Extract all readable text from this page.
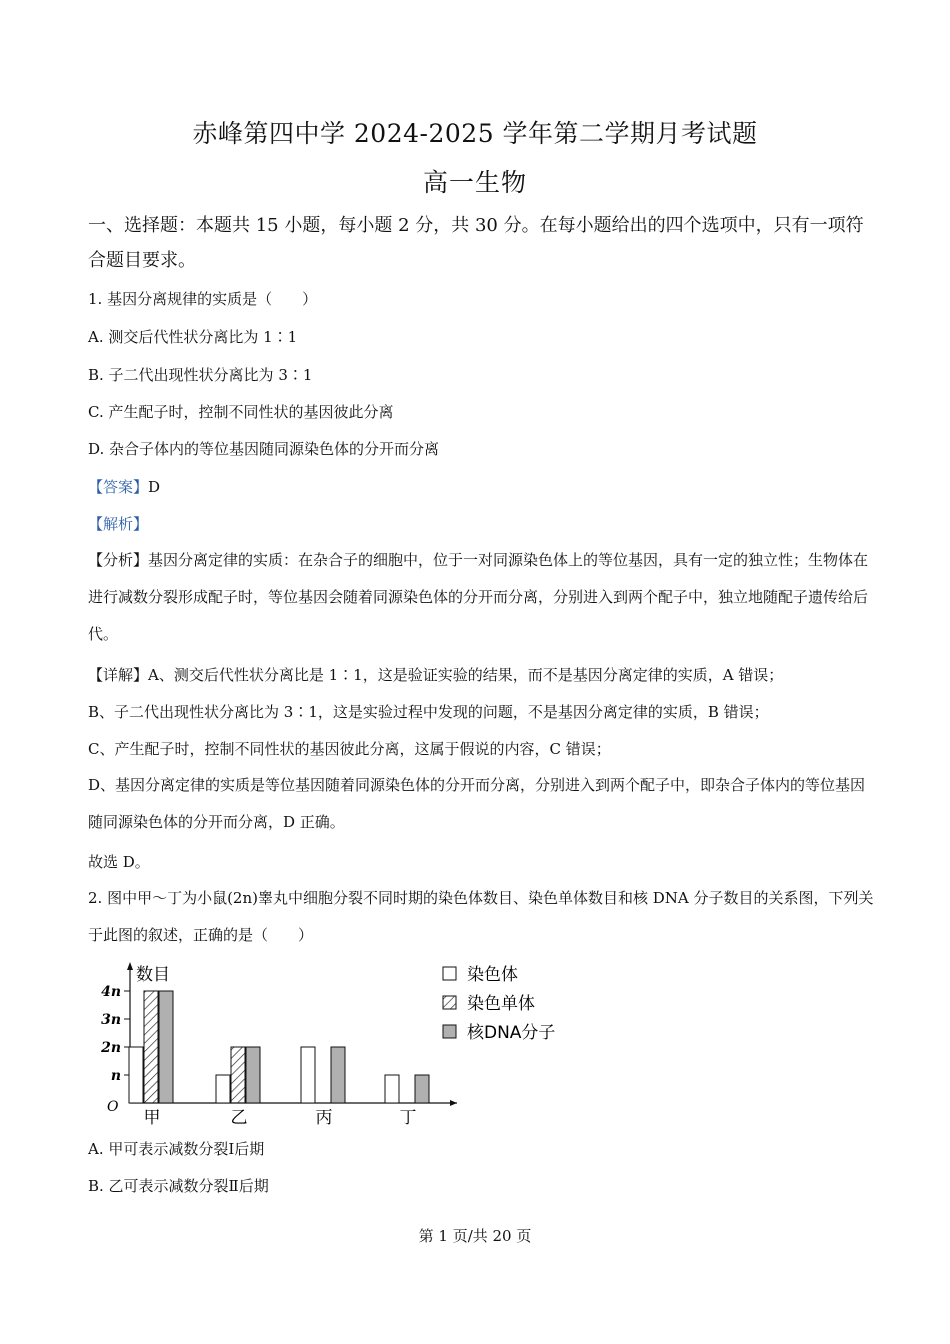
赤峰第四中学 2024-2025 学年第二学期月考试题
高一生物
一、选择题：本题共 15 小题，每小题 2 分，共 30 分。在每小题给出的四个选项中，只有一项符合题目要求。
1. 基因分离规律的实质是（　　）
A. 测交后代性状分离比为 1∶1
B. 子二代出现性状分离比为 3∶1
C. 产生配子时，控制不同性状的基因彼此分离
D. 杂合子体内的等位基因随同源染色体的分开而分离
【答案】D
【解析】
【分析】基因分离定律的实质：在杂合子的细胞中，位于一对同源染色体上的等位基因，具有一定的独立性；生物体在进行减数分裂形成配子时，等位基因会随着同源染色体的分开而分离，分别进入到两个配子中，独立地随配子遗传给后代。
【详解】A、测交后代性状分离比是 1∶1，这是验证实验的结果，而不是基因分离定律的实质，A 错误；
B、子二代出现性状分离比为 3∶1，这是实验过程中发现的问题，不是基因分离定律的实质，B 错误；
C、产生配子时，控制不同性状的基因彼此分离，这属于假说的内容，C 错误；
D、基因分离定律的实质是等位基因随着同源染色体的分开而分离，分别进入到两个配子中，即杂合子体内的等位基因随同源染色体的分开而分离，D 正确。
故选 D。
2. 图中甲～丁为小鼠(2n)睾丸中细胞分裂不同时期的染色体数目、染色单体数目和核 DNA 分子数目的关系图，下列关于此图的叙述，正确的是（　　）
数目
O
n
2n
3n
4n
甲	乙	丙	丁
染色体
染色单体
核DNA分子
A. 甲可表示减数分裂Ⅰ后期
B. 乙可表示减数分裂Ⅱ后期
第 1 页/共 20 页
